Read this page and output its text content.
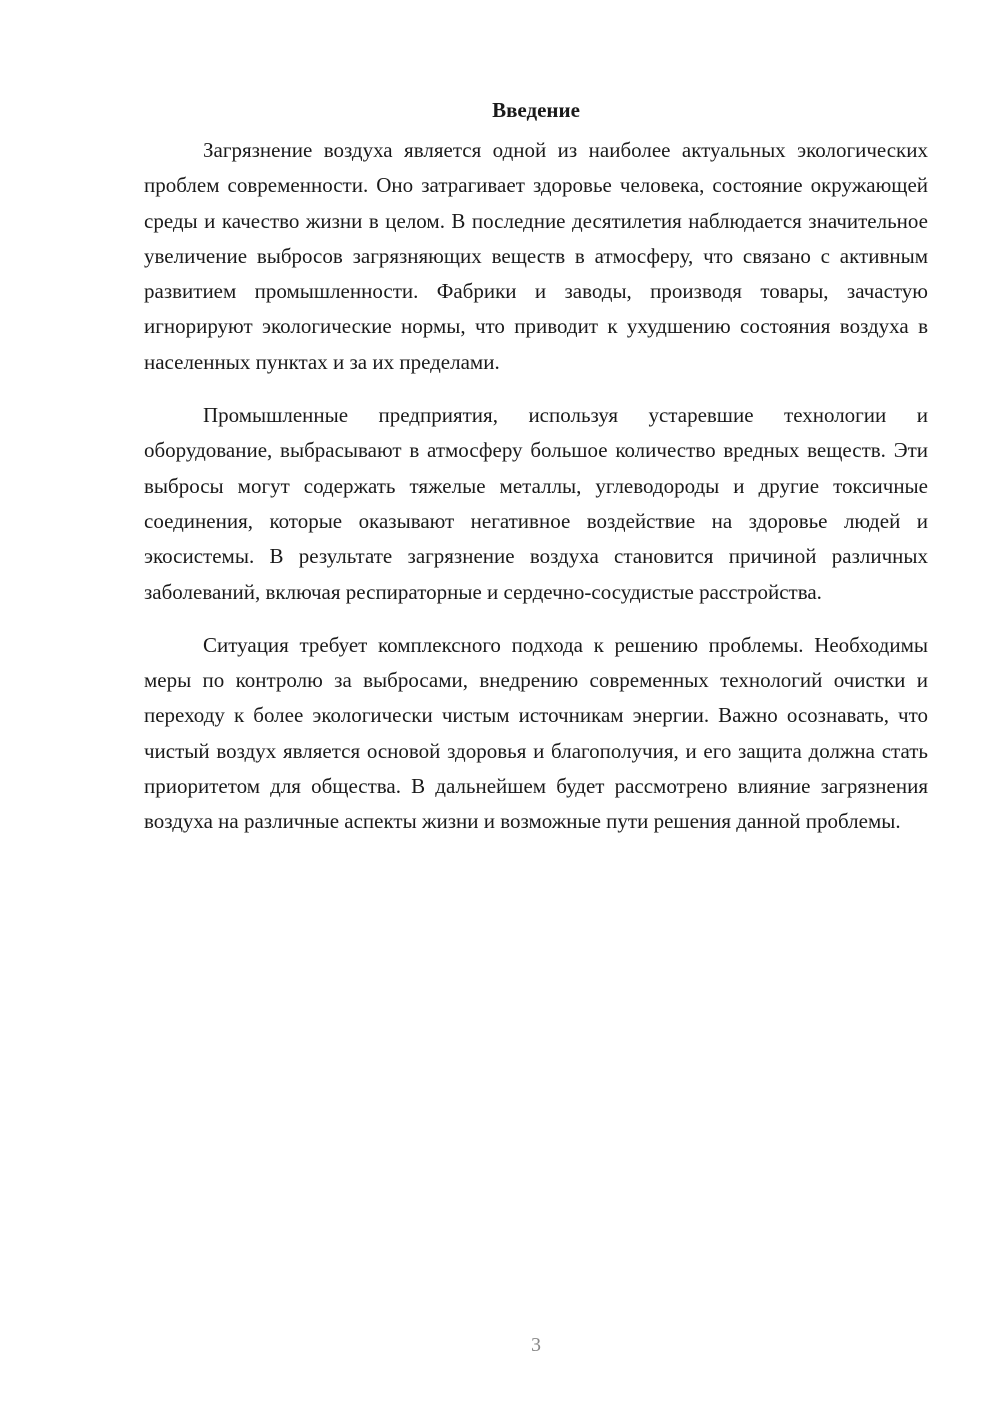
Введение

Загрязнение воздуха является одной из наиболее актуальных экологических проблем современности. Оно затрагивает здоровье человека, состояние окружающей среды и качество жизни в целом. В последние десятилетия наблюдается значительное увеличение выбросов загрязняющих веществ в атмосферу, что связано с активным развитием промышленности. Фабрики и заводы, производя товары, зачастую игнорируют экологические нормы, что приводит к ухудшению состояния воздуха в населенных пунктах и за их пределами.

Промышленные предприятия, используя устаревшие технологии и оборудование, выбрасывают в атмосферу большое количество вредных веществ. Эти выбросы могут содержать тяжелые металлы, углеводороды и другие токсичные соединения, которые оказывают негативное воздействие на здоровье людей и экосистемы. В результате загрязнение воздуха становится причиной различных заболеваний, включая респираторные и сердечно-сосудистые расстройства.

Ситуация требует комплексного подхода к решению проблемы. Необходимы меры по контролю за выбросами, внедрению современных технологий очистки и переходу к более экологически чистым источникам энергии. Важно осознавать, что чистый воздух является основой здоровья и благополучия, и его защита должна стать приоритетом для общества. В дальнейшем будет рассмотрено влияние загрязнения воздуха на различные аспекты жизни и возможные пути решения данной проблемы.

3
